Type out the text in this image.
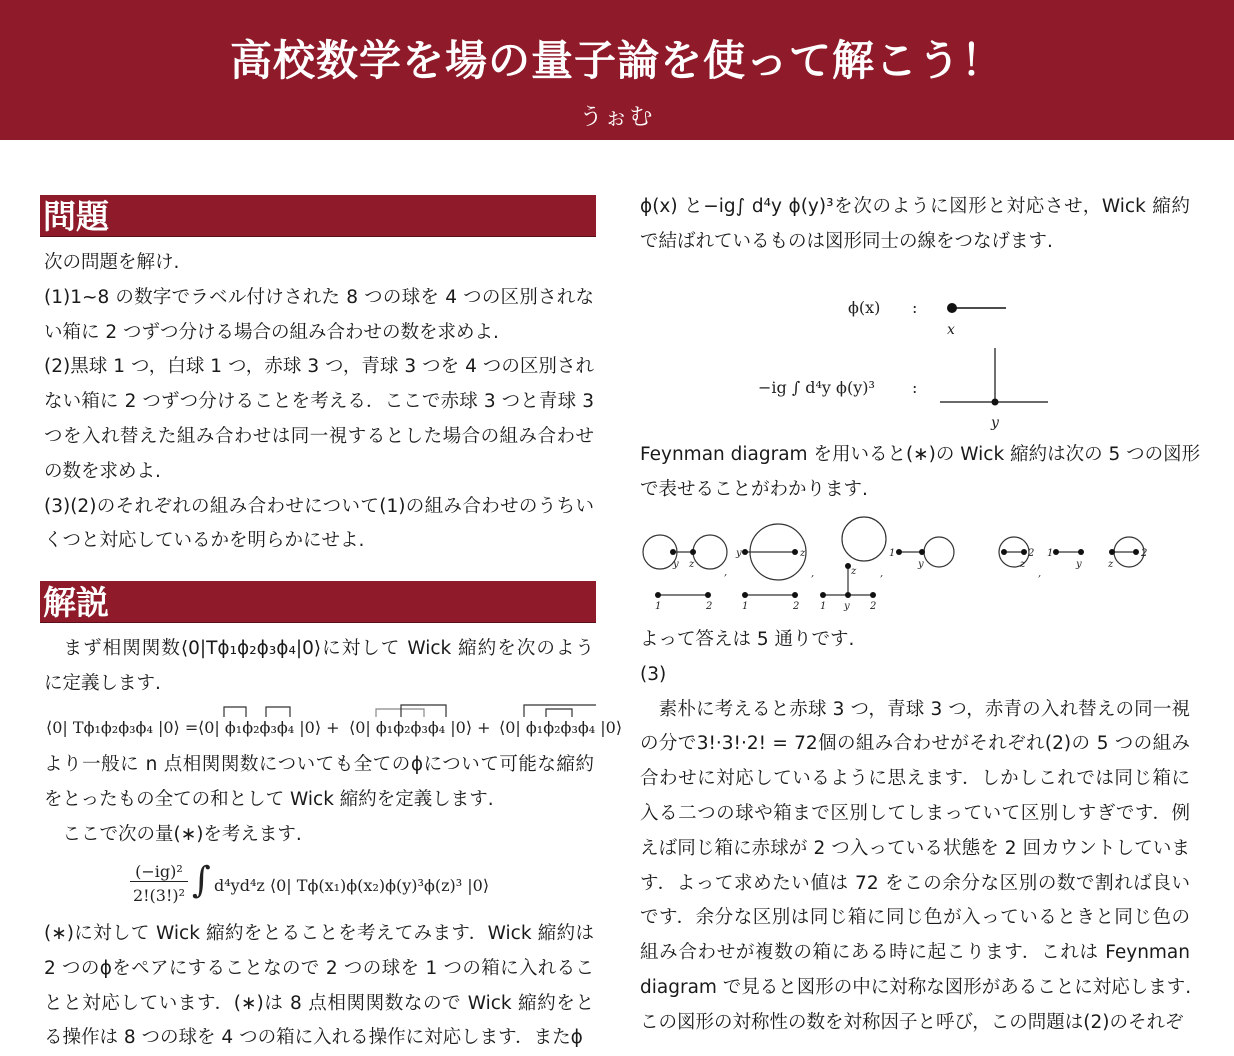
高校数学を場の量子論を使って解こう！
うぉむ
問題
次の問題を解け.
(1)1~8 の数字でラベル付けされた 8 つの球を 4 つの区別されな
い箱に 2 つずつ分ける場合の組み合わせの数を求めよ.
(2)黒球 1 つ，白球 1 つ，赤球 3 つ，青球 3 つを 4 つの区別され
ない箱に 2 つずつ分けることを考える．ここで赤球 3 つと青球 3
つを入れ替えた組み合わせは同一視するとした場合の組み合わせ
の数を求めよ.
(3)(2)のそれぞれの組み合わせについて(1)の組み合わせのうちい
くつと対応しているかを明らかにせよ.
解説
　まず相関関数⟨0|Tϕ₁ϕ₂ϕ₃ϕ₄|0⟩に対して Wick 縮約を次のよう
に定義します.
⟨0| Tϕ₁ϕ₂ϕ₃ϕ₄ |0⟩ = ⟨0| ϕ₁ϕ₂ϕ₃ϕ₄ |0⟩ + ⟨0| ϕ₁ϕ₂ϕ₃ϕ₄ |0⟩ + ⟨0| ϕ₁ϕ₂ϕ₃ϕ₄ |0⟩
より一般に n 点相関関数についても全てのϕについて可能な縮約
をとったもの全ての和として Wick 縮約を定義します.
　ここで次の量(∗)を考えます.
(−ig)²
2!(3!)² ∫ d⁴yd⁴z ⟨0| Tϕ(x₁)ϕ(x₂)ϕ(y)³ϕ(z)³ |0⟩
(∗)に対して Wick 縮約をとることを考えてみます．Wick 縮約は
2 つのϕをペアにすることなので 2 つの球を 1 つの箱に入れるこ
とと対応しています．(∗)は 8 点相関関数なので Wick 縮約をと
る操作は 8 つの球を 4 つの箱に入れる操作に対応します．またϕ
ϕ(x) と−ig∫ d⁴y ϕ(y)³を次のように図形と対応させ，Wick 縮約
で結ばれているものは図形同士の線をつなげます.
ϕ(x) :
−ig ∫ d⁴y ϕ(y)³ :
x
y
Feynman diagram を用いると(∗)の Wick 縮約は次の 5 つの図形
で表せることがわかります.
y z
1	2
,
y	z
1	2
,	z
1 y 2
,
1
y	z
2
,
1
y	z
2
よって答えは 5 通りです.
(3)
　素朴に考えると赤球 3 つ，青球 3 つ，赤青の入れ替えの同一視
の分で3!·3!·2! = 72個の組み合わせがそれぞれ(2)の 5 つの組み
合わせに対応しているように思えます．しかしこれでは同じ箱に
入る二つの球や箱まで区別してしまっていて区別しすぎです．例
えば同じ箱に赤球が 2 つ入っている状態を 2 回カウントしていま
す．よって求めたい値は 72 をこの余分な区別の数で割れば良い
です．余分な区別は同じ箱に同じ色が入っているときと同じ色の
組み合わせが複数の箱にある時に起こります．これは Feynman
diagram で見ると図形の中に対称な図形があることに対応します.
この図形の対称性の数を対称因子と呼び，この問題は(2)のそれぞ
